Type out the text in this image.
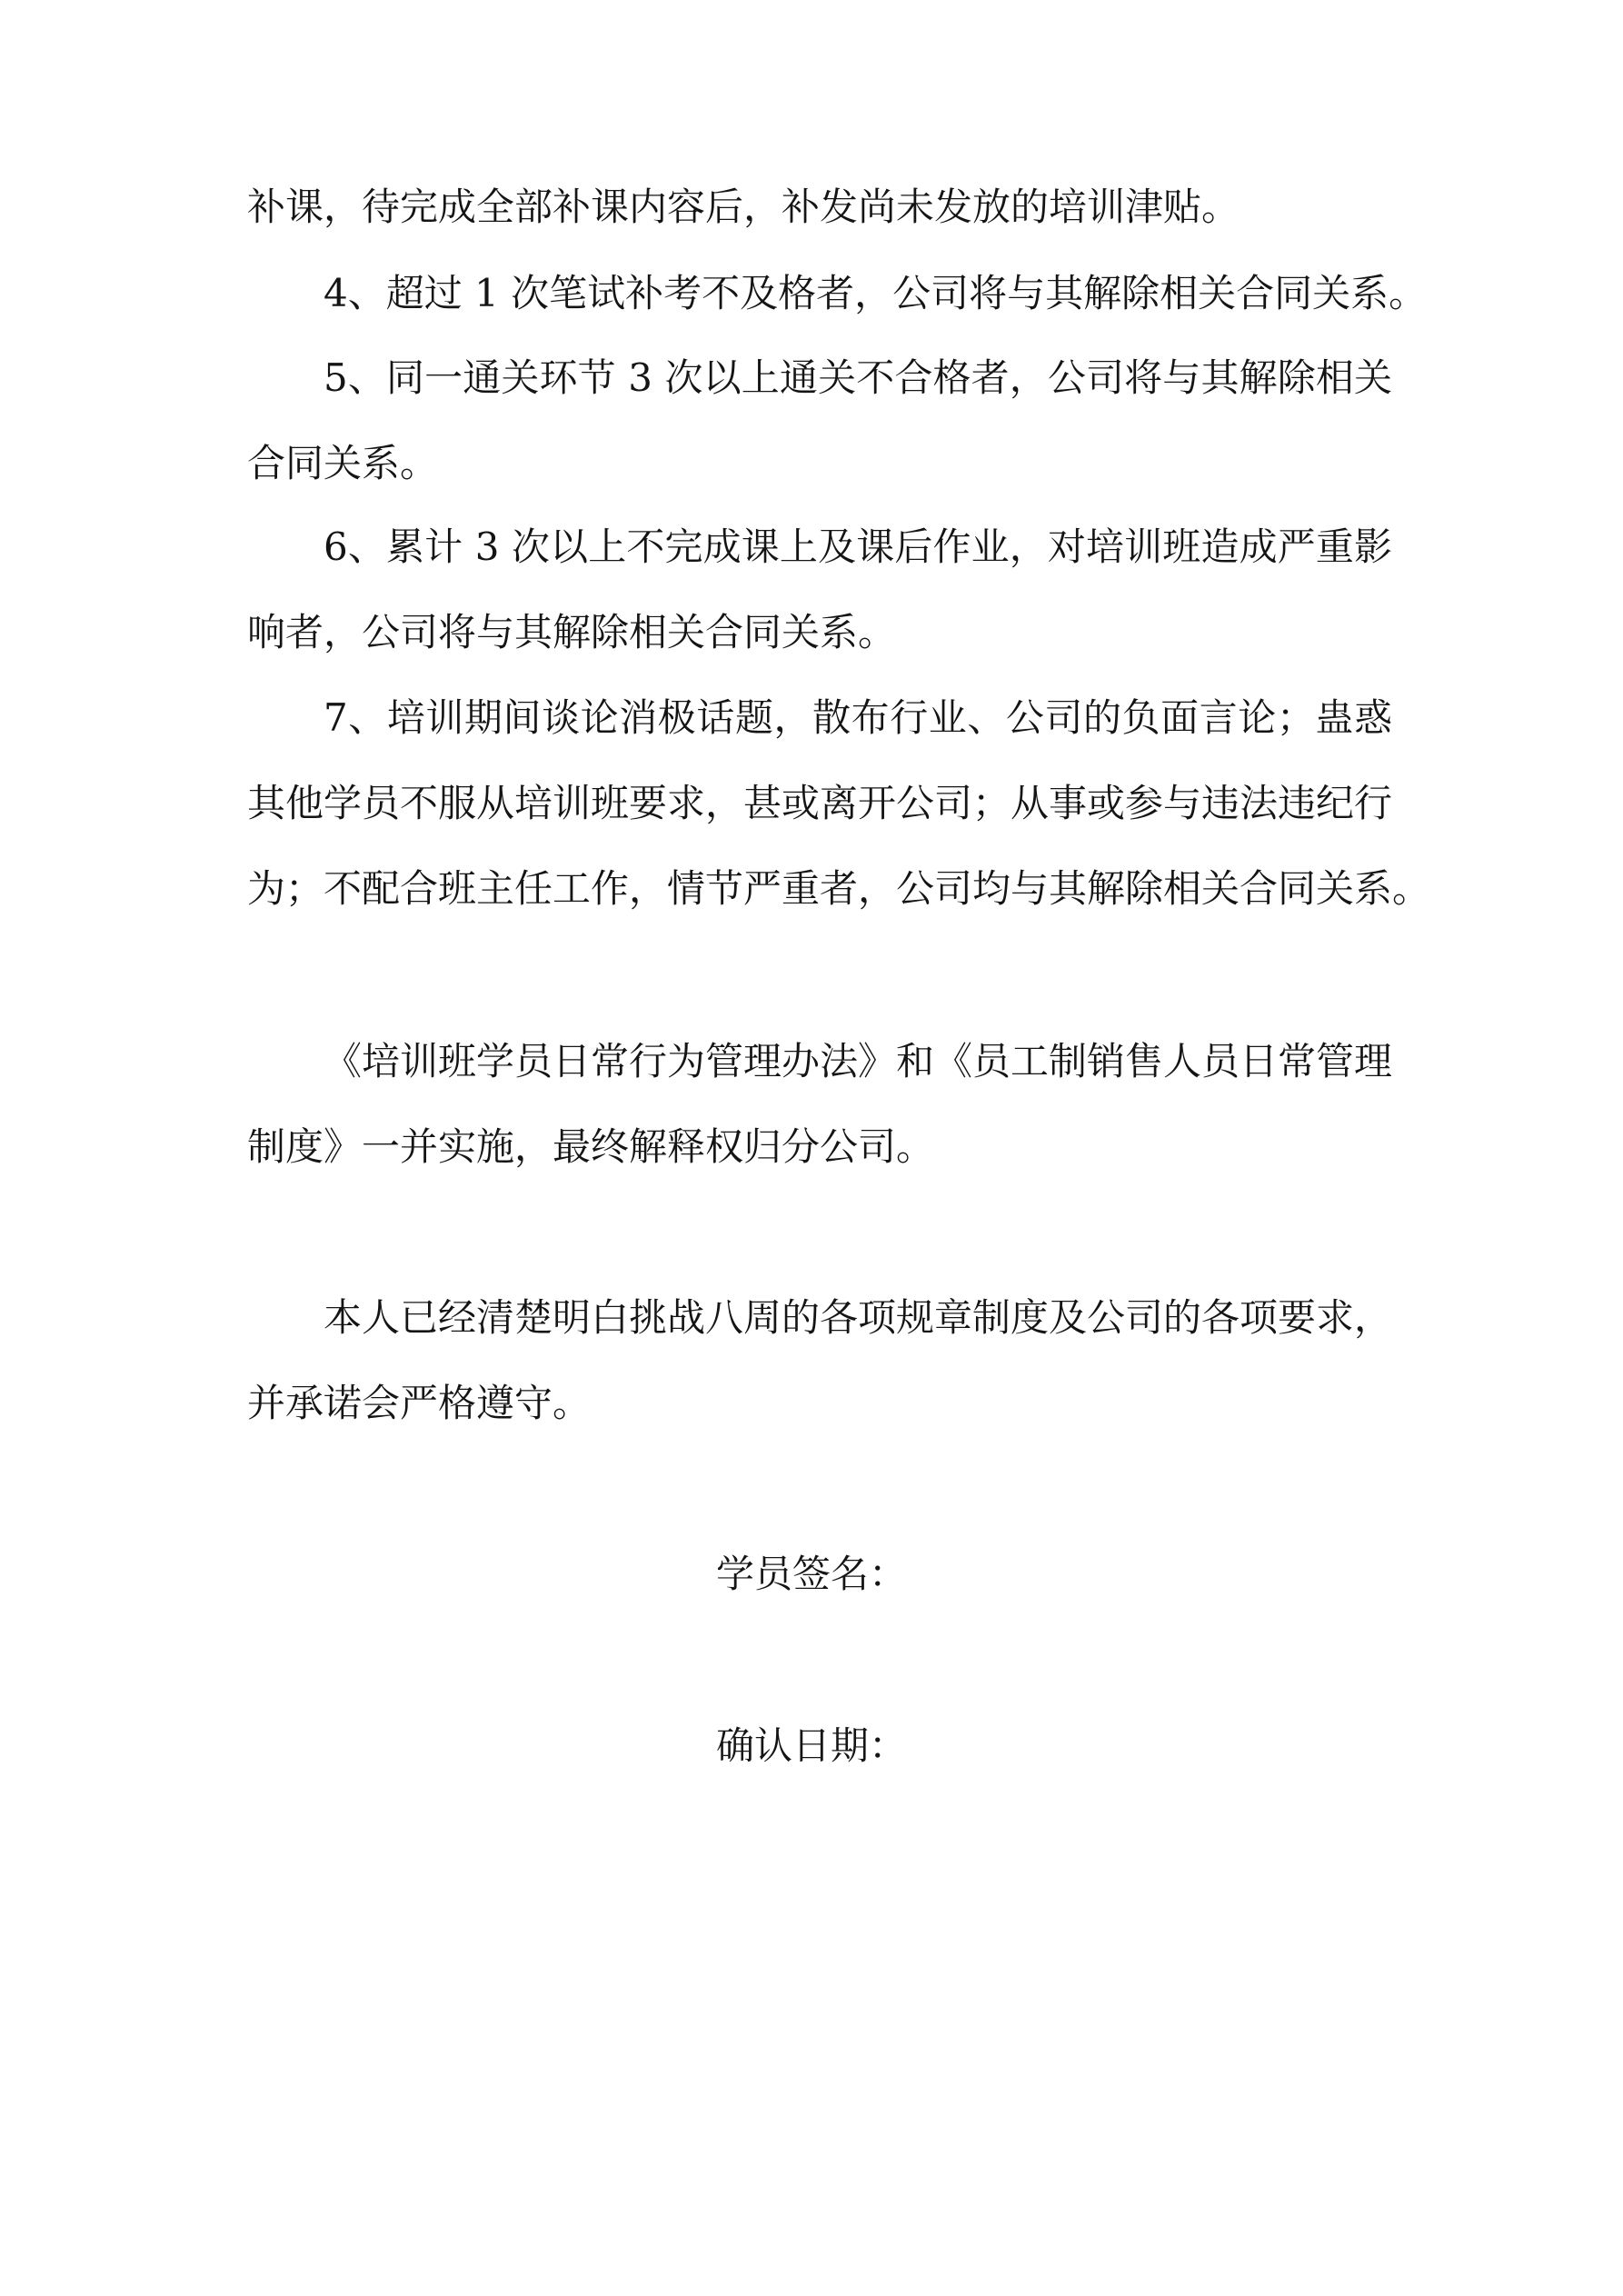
补课，待完成全部补课内容后，补发尚未发放的培训津贴。
4、超过 1 次笔试补考不及格者，公司将与其解除相关合同关系。
5、同一通关环节 3 次以上通关不合格者，公司将与其解除相关
合同关系。
6、累计 3 次以上不完成课上及课后作业，对培训班造成严重影
响者，公司将与其解除相关合同关系。
7、培训期间谈论消极话题，散布行业、公司的负面言论；蛊惑
其他学员不服从培训班要求，甚或离开公司；从事或参与违法违纪行
为；不配合班主任工作，情节严重者，公司均与其解除相关合同关系。
《培训班学员日常行为管理办法》和《员工制销售人员日常管理
制度》一并实施，最终解释权归分公司。
本人已经清楚明白挑战八周的各项规章制度及公司的各项要求，
并承诺会严格遵守。
学员签名：
确认日期：
